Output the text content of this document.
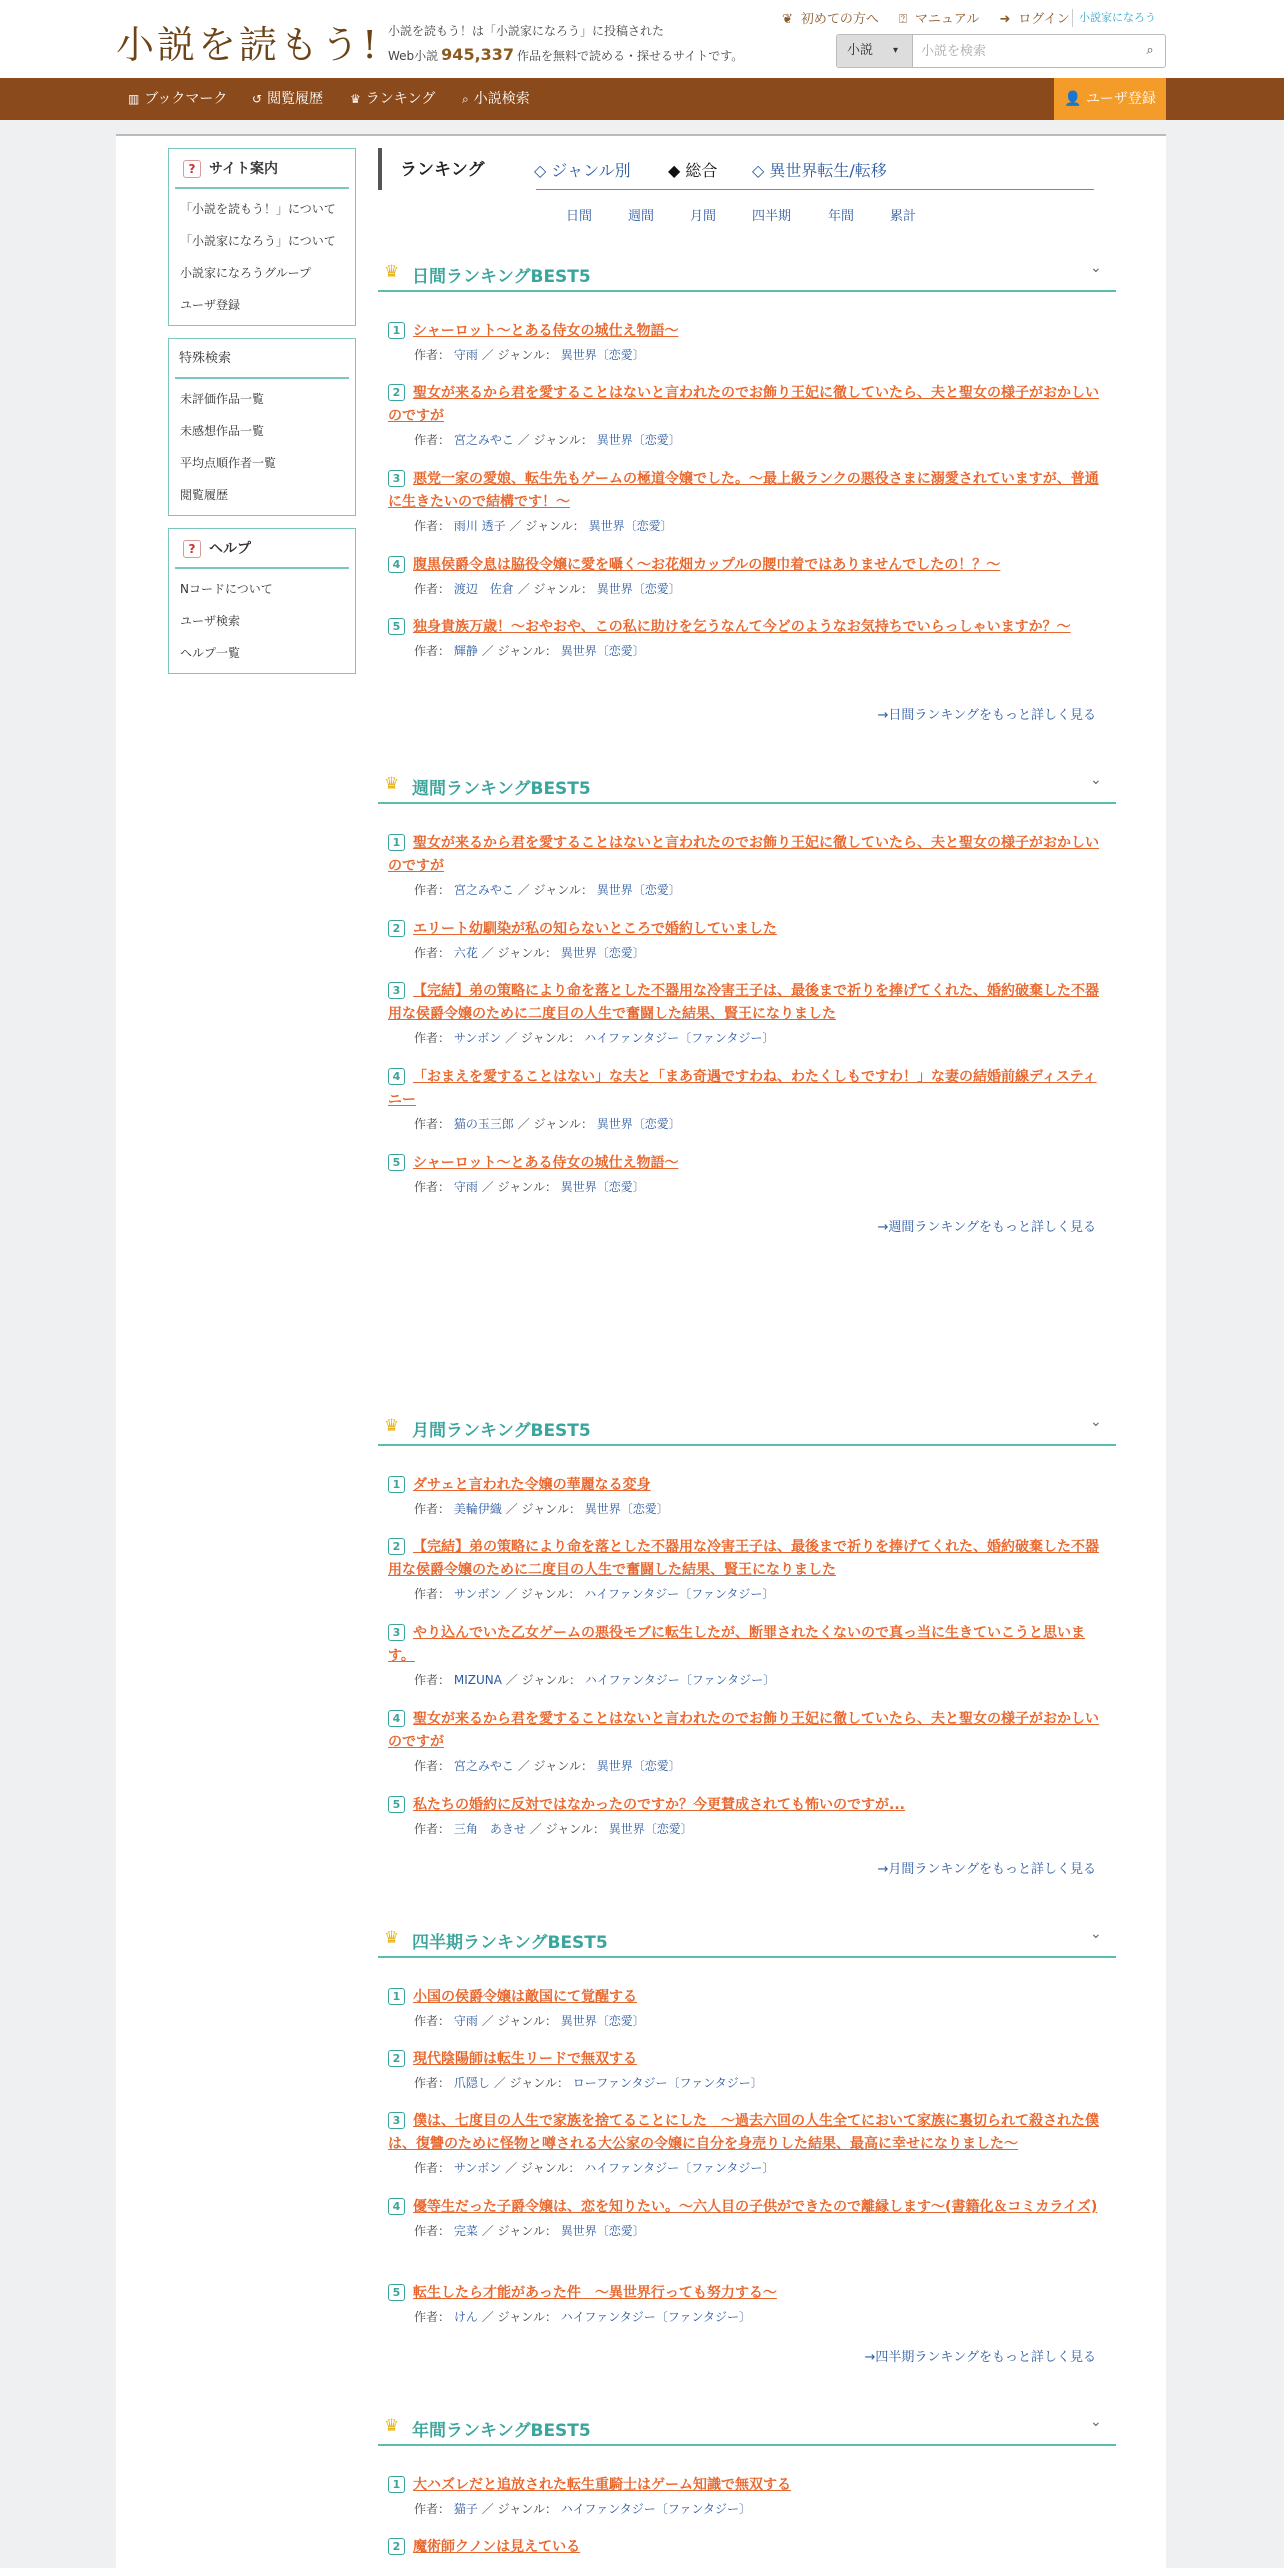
小説を読もう! 小説を読もう！は「小説家になろう」に投稿された
Web小説 945,337 作品を無料で読める・探せるサイトです。
❦ 初めての方へ ⍰ マニュアル ➜ ログイン 小説家になろう
小説 ▾
小説を検索	⌕
▥ ブックマーク ↺ 閲覧履歴 ♛ ランキング ⌕ 小説検索	👤 ユーザ登録
? サイト案内
「小説を読もう！」について
「小説家になろう」について
小説家になろうグループ
ユーザ登録
特殊検索
未評価作品一覧
未感想作品一覧
平均点順作者一覧
閲覧履歴
? ヘルプ
Nコードについて
ユーザ検索
ヘルプ一覧
ランキング	◇ ジャンル別 ◆ 総合 ◇ 異世界転生/転移
日間	週間	月間	四半期	年間	累計
♛ 日間ランキングBEST5	⌄
♛ 週間ランキングBEST5	⌄
♛ 月間ランキングBEST5	⌄
♛ 四半期ランキングBEST5	⌄
♛ 年間ランキングBEST5	⌄
1 シャーロット〜とある侍女の城仕え物語〜
作者： 守雨 ／ ジャンル： 異世界〔恋愛〕
2 聖女が来るから君を愛することはないと言われたのでお飾り王妃に徹していたら、夫と聖女の様子がおかしいのですが
作者： 宮之みやこ ／ ジャンル： 異世界〔恋愛〕
3 悪党一家の愛娘、転生先もゲームの極道令嬢でした。〜最上級ランクの悪役さまに溺愛されていますが、普通に生きたいので結構です！〜
作者： 雨川 透子 ／ ジャンル： 異世界〔恋愛〕
4 腹黒侯爵令息は脇役令嬢に愛を囁く～お花畑カップルの腰巾着ではありませんでしたの！？～
作者： 渡辺　佐倉 ／ ジャンル： 異世界〔恋愛〕
5 独身貴族万歳！〜おやおや、この私に助けを乞うなんて今どのようなお気持ちでいらっしゃいますか？〜
作者： 輝静 ／ ジャンル： 異世界〔恋愛〕
→日間ランキングをもっと詳しく見る
1 聖女が来るから君を愛することはないと言われたのでお飾り王妃に徹していたら、夫と聖女の様子がおかしいのですが
作者： 宮之みやこ ／ ジャンル： 異世界〔恋愛〕
2 エリート幼馴染が私の知らないところで婚約していました
作者： 六花 ／ ジャンル： 異世界〔恋愛〕
3 【完結】弟の策略により命を落とした不器用な冷害王子は、最後まで祈りを捧げてくれた、婚約破棄した不器用な侯爵令嬢のために二度目の人生で奮闘した結果、賢王になりました
作者： サンボン ／ ジャンル： ハイファンタジー〔ファンタジー〕
4 「おまえを愛することはない」な夫と「まあ奇遇ですわね、わたくしもですわ！」な妻の結婚前線ディスティニー
作者： 猫の玉三郎 ／ ジャンル： 異世界〔恋愛〕
5 シャーロット〜とある侍女の城仕え物語〜
作者： 守雨 ／ ジャンル： 異世界〔恋愛〕
→週間ランキングをもっと詳しく見る
1 ダサェと言われた令嬢の華麗なる変身
作者： 美輪伊織 ／ ジャンル： 異世界〔恋愛〕
2 【完結】弟の策略により命を落とした不器用な冷害王子は、最後まで祈りを捧げてくれた、婚約破棄した不器用な侯爵令嬢のために二度目の人生で奮闘した結果、賢王になりました
作者： サンボン ／ ジャンル： ハイファンタジー〔ファンタジー〕
3 やり込んでいた乙女ゲームの悪役モブに転生したが、断罪されたくないので真っ当に生きていこうと思います。
作者： MIZUNA ／ ジャンル： ハイファンタジー〔ファンタジー〕
4 聖女が来るから君を愛することはないと言われたのでお飾り王妃に徹していたら、夫と聖女の様子がおかしいのですが
作者： 宮之みやこ ／ ジャンル： 異世界〔恋愛〕
5 私たちの婚約に反対ではなかったのですか？今更賛成されても怖いのですが...
作者： 三角　あきせ ／ ジャンル： 異世界〔恋愛〕
→月間ランキングをもっと詳しく見る
1 小国の侯爵令嬢は敵国にて覚醒する
作者： 守雨 ／ ジャンル： 異世界〔恋愛〕
2 現代陰陽師は転生リードで無双する
作者： 爪隠し ／ ジャンル： ローファンタジー〔ファンタジー〕
3 僕は、七度目の人生で家族を捨てることにした　～過去六回の人生全てにおいて家族に裏切られて殺された僕は、復讐のために怪物と噂される大公家の令嬢に自分を身売りした結果、最高に幸せになりました～
作者： サンボン ／ ジャンル： ハイファンタジー〔ファンタジー〕
4 優等生だった子爵令嬢は、恋を知りたい。～六人目の子供ができたので離縁します～(書籍化＆コミカライズ)
作者： 完菜 ／ ジャンル： 異世界〔恋愛〕
5 転生したら才能があった件　～異世界行っても努力する～
作者： けん ／ ジャンル： ハイファンタジー〔ファンタジー〕
→四半期ランキングをもっと詳しく見る
1 大ハズレだと追放された転生重騎士はゲーム知識で無双する
作者： 猫子 ／ ジャンル： ハイファンタジー〔ファンタジー〕
2 魔術師クノンは見えている
